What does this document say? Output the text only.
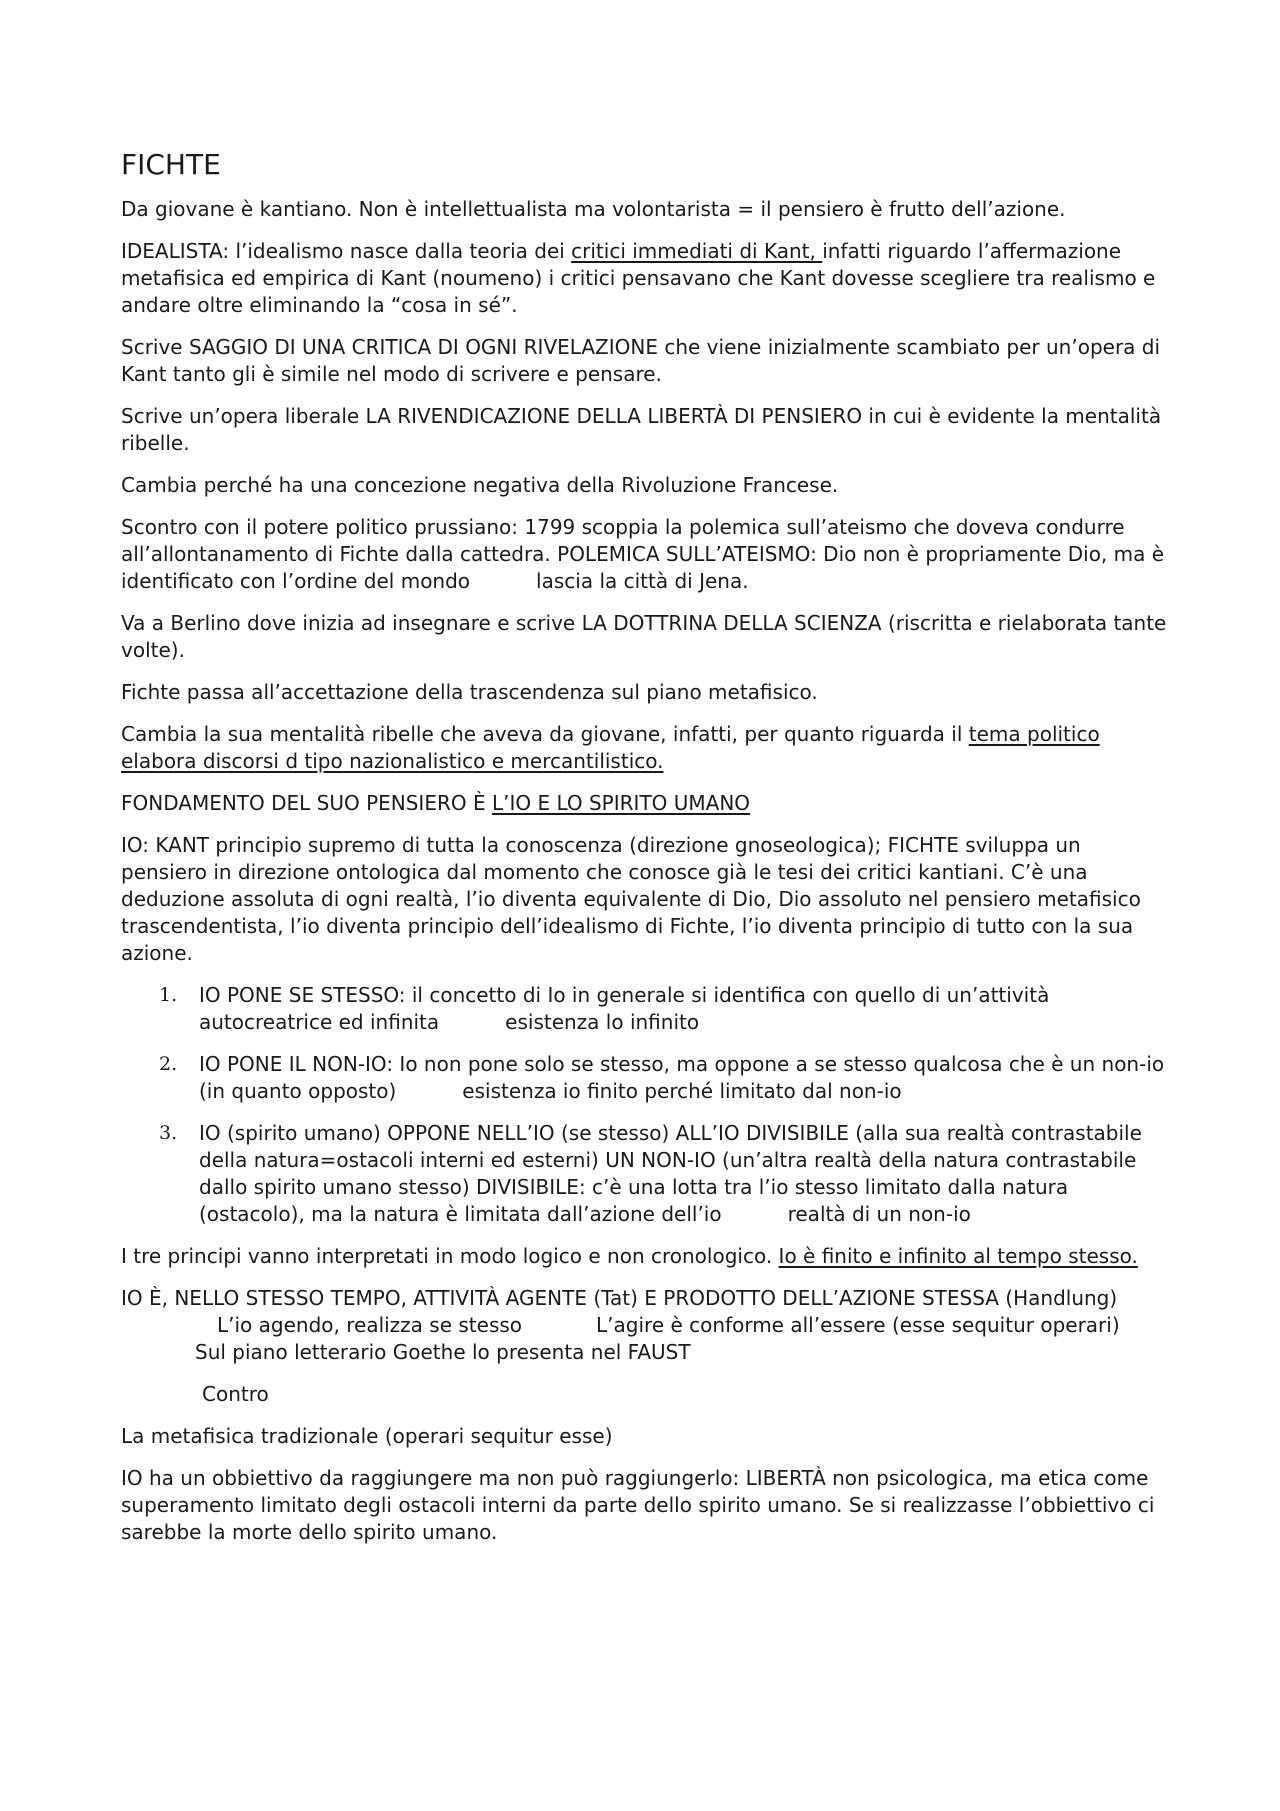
FICHTE

Da giovane è kantiano. Non è intellettualista ma volontarista = il pensiero è frutto dell’azione.

IDEALISTA: l’idealismo nasce dalla teoria dei critici immediati di Kant, infatti riguardo l’affermazione metafisica ed empirica di Kant (noumeno) i critici pensavano che Kant dovesse scegliere tra realismo e andare oltre eliminando la “cosa in sé”.

Scrive SAGGIO DI UNA CRITICA DI OGNI RIVELAZIONE che viene inizialmente scambiato per un’opera di Kant tanto gli è simile nel modo di scrivere e pensare.

Scrive un’opera liberale LA RIVENDICAZIONE DELLA LIBERTÀ DI PENSIERO in cui è evidente la mentalità ribelle.

Cambia perché ha una concezione negativa della Rivoluzione Francese.

Scontro con il potere politico prussiano: 1799 scoppia la polemica sull’ateismo che doveva condurre all’allontanamento di Fichte dalla cattedra. POLEMICA SULL’ATEISMO: Dio non è propriamente Dio, ma è identificato con l’ordine del mondo	lascia la città di Jena.

Va a Berlino dove inizia ad insegnare e scrive LA DOTTRINA DELLA SCIENZA (riscritta e rielaborata tante volte).

Fichte passa all’accettazione della trascendenza sul piano metafisico.

Cambia la sua mentalità ribelle che aveva da giovane, infatti, per quanto riguarda il tema politico elabora discorsi d tipo nazionalistico e mercantilistico.

FONDAMENTO DEL SUO PENSIERO È L’IO E LO SPIRITO UMANO

IO: KANT principio supremo di tutta la conoscenza (direzione gnoseologica); FICHTE sviluppa un pensiero in direzione ontologica dal momento che conosce già le tesi dei critici kantiani. C’è una deduzione assoluta di ogni realtà, l’io diventa equivalente di Dio, Dio assoluto nel pensiero metafisico trascendentista, l’io diventa principio dell’idealismo di Fichte, l’io diventa principio di tutto con la sua azione.

1. IO PONE SE STESSO: il concetto di Io in generale si identifica con quello di un’attività autocreatrice ed infinita	esistenza lo infinito
2. IO PONE IL NON-IO: Io non pone solo se stesso, ma oppone a se stesso qualcosa che è un non-io (in quanto opposto)	esistenza io finito perché limitato dal non-io
3. IO (spirito umano) OPPONE NELL’IO (se stesso) ALL’IO DIVISIBILE (alla sua realtà contrastabile della natura=ostacoli interni ed esterni) UN NON-IO (un’altra realtà della natura contrastabile dallo spirito umano stesso) DIVISIBILE: c’è una lotta tra l’io stesso limitato dalla natura (ostacolo), ma la natura è limitata dall’azione dell’io	realtà di un non-io

I tre principi vanno interpretati in modo logico e non cronologico. Io è finito e infinito al tempo stesso.

IO È, NELLO STESSO TEMPO, ATTIVITÀ AGENTE (Tat) E PRODOTTO DELL’AZIONE STESSA (Handlung)L’io agendo, realizza se stesso	L’agire è conforme all’essere (esse sequitur operari)Sul piano letterario Goethe lo presenta nel FAUST

Contro

La metafisica tradizionale (operari sequitur esse)

IO ha un obbiettivo da raggiungere ma non può raggiungerlo: LIBERTÀ non psicologica, ma etica come superamento limitato degli ostacoli interni da parte dello spirito umano. Se si realizzasse l’obbiettivo ci sarebbe la morte dello spirito umano.
